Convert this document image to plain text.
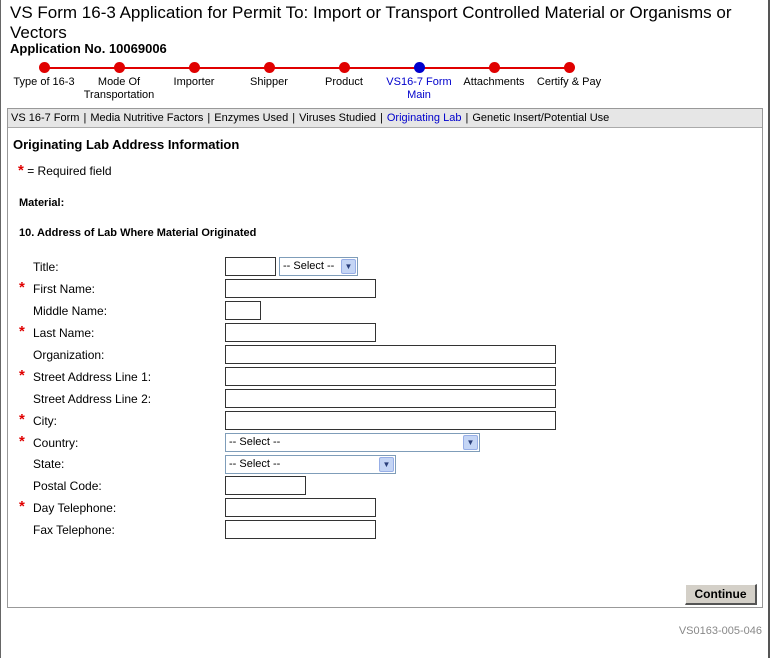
VS Form 16-3 Application for Permit To: Import or Transport Controlled Material or Organisms or Vectors
Application No. 10069006
Type of 16-3	Mode Of Transportation
Importer	Shipper	Product	VS16-7 Form Main
Attachments	Certify & Pay
VS 16-7 Form | Media Nutritive Factors | Enzymes Used | Viruses Studied | Originating Lab | Genetic Insert/Potential Use
Originating Lab Address Information
* = Required field
Material:
10. Address of Lab Where Material Originated
Title:	-- Select --	▼
* First Name:
Middle Name:
* Last Name:
Organization:
* Street Address Line 1:
Street Address Line 2:
* City:
* Country:	-- Select --	▼
State:	-- Select --	▼
Postal Code:
* Day Telephone:
Fax Telephone:
Continue
VS0163-005-046
